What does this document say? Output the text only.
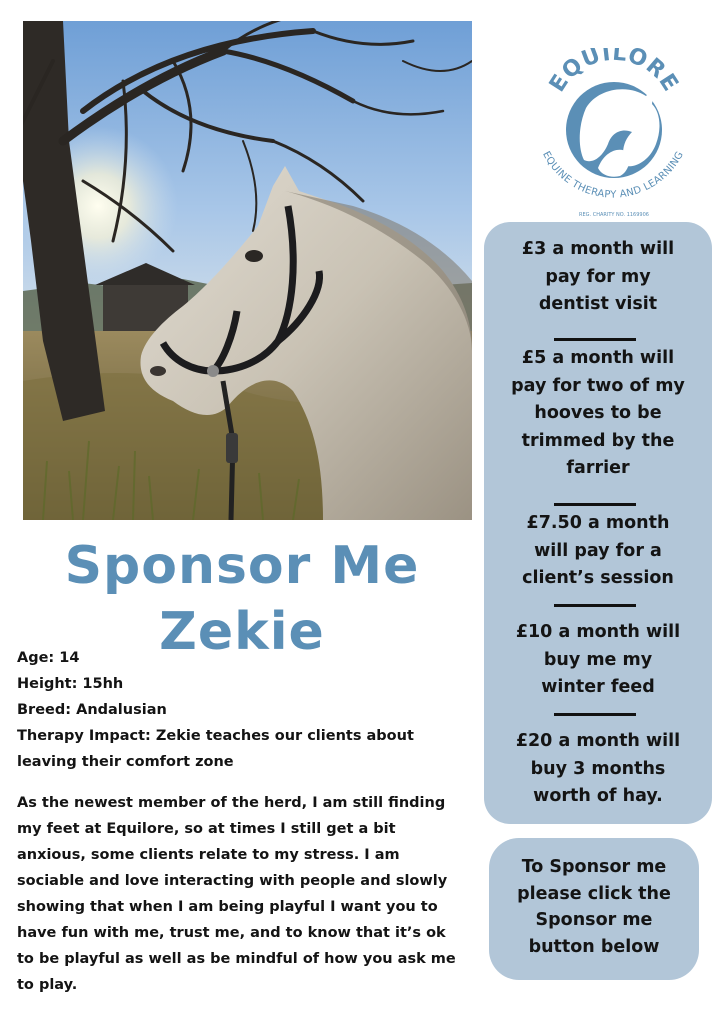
EQUILORE
EQUINE THERAPY AND LEARNING
REG. CHARITY NO. 1169906
Sponsor Me
Zekie
Age: 14
Height: 15hh
Breed: Andalusian
Therapy Impact: Zekie teaches our clients about leaving their comfort zone
As the newest member of the herd, I am still finding my feet at Equilore, so at times I still get a bit anxious, some clients relate to my stress. I am sociable and love interacting with people and slowly showing that when I am being playful I want you to have fun with me, trust me, and to know that it’s ok to be playful as well as be mindful of how you ask me to play.
£3 a month will pay for my dentist visit
£5 a month will pay for two of my hooves to be trimmed by the farrier
£7.50 a month will pay for a client’s session
£10 a month will buy me my winter feed
£20 a month will buy 3 months worth of hay.
To Sponsor me please click the Sponsor me button below
